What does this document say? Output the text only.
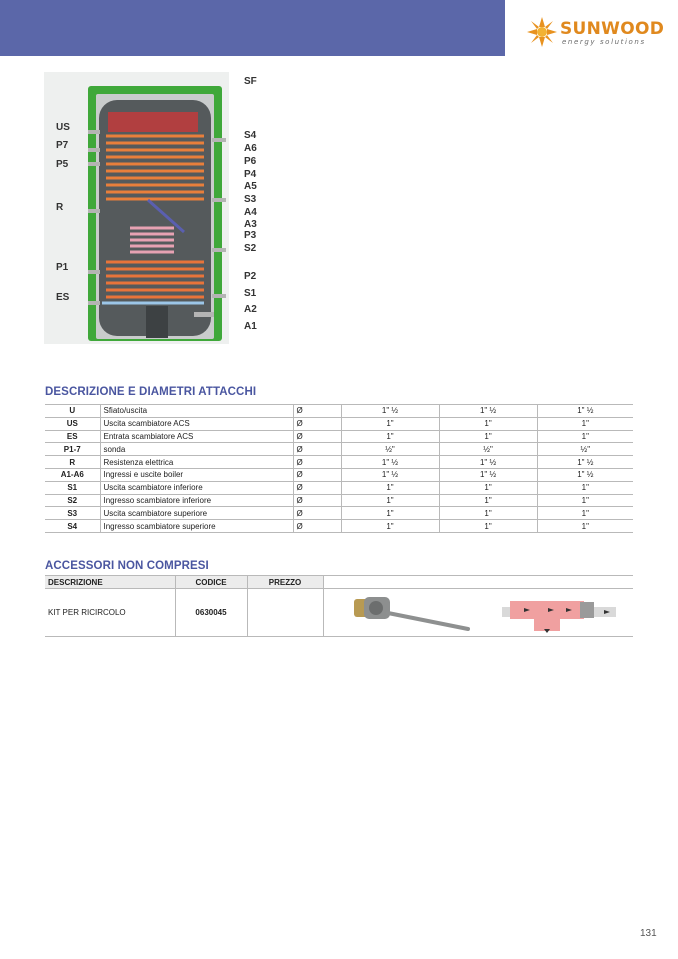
SUNWOOD
energy solutions
SF
US
P7
P5
R
P1
ES
S4
A6
P6
P4
A5
S3
A4
A3
P3
S2
P2
S1
A2
A1
DESCRIZIONE E DIAMETRI ATTACCHI
U	Sfiato/uscita	Ø	1" ½	1" ½	1" ½
US	Uscita scambiatore ACS	Ø	1"	1"	1"
ES	Entrata scambiatore ACS	Ø	1"	1"	1"
P1-7	sonda	Ø	½"	½"	½"
R	Resistenza elettrica	Ø	1" ½	1" ½	1" ½
A1-A6	Ingressi e uscite boiler	Ø	1" ½	1" ½	1" ½
S1	Uscita scambiatore inferiore	Ø	1"	1"	1"
S2	Ingresso scambiatore inferiore	Ø	1"	1"	1"
S3	Uscita scambiatore superiore	Ø	1"	1"	1"
S4	Ingresso scambiatore superiore	Ø	1"	1"	1"
ACCESSORI NON COMPRESI
DESCRIZIONE	CODICE	PREZZO	
KIT PER RICIRCOLO	0630045		
131
